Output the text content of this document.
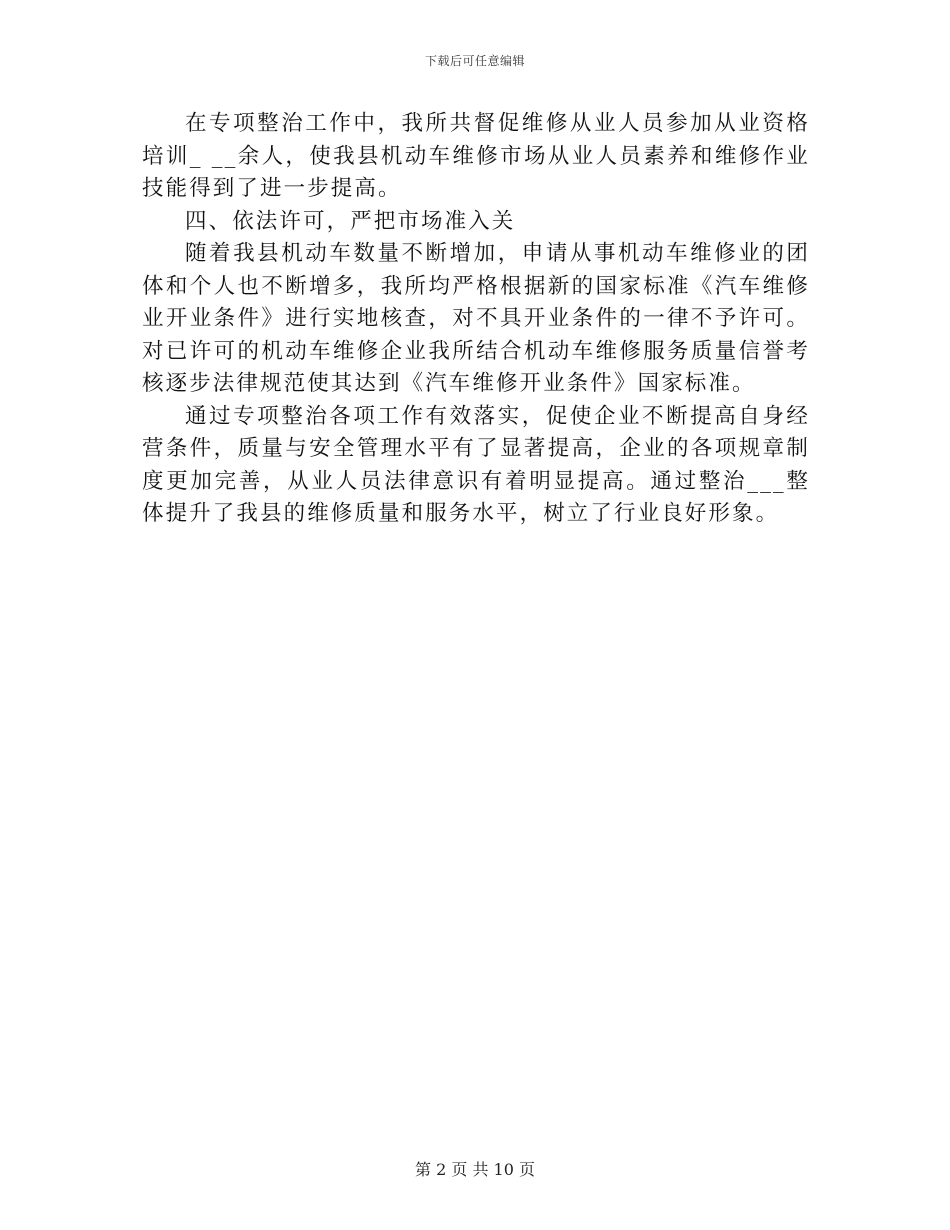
下载后可任意编辑

在专项整治工作中，我所共督促维修从业人员参加从业资格培训_ __余人，使我县机动车维修市场从业人员素养和维修作业技能得到了进一步提高。

四、依法许可，严把市场准入关

随着我县机动车数量不断增加，申请从事机动车维修业的团体和个人也不断增多，我所均严格根据新的国家标准《汽车维修业开业条件》进行实地核查，对不具开业条件的一律不予许可。对已许可的机动车维修企业我所结合机动车维修服务质量信誉考核逐步法律规范使其达到《汽车维修开业条件》国家标准。

通过专项整治各项工作有效落实，促使企业不断提高自身经营条件，质量与安全管理水平有了显著提高，企业的各项规章制度更加完善，从业人员法律意识有着明显提高。通过整治___整体提升了我县的维修质量和服务水平，树立了行业良好形象。

第 2 页 共 10 页
